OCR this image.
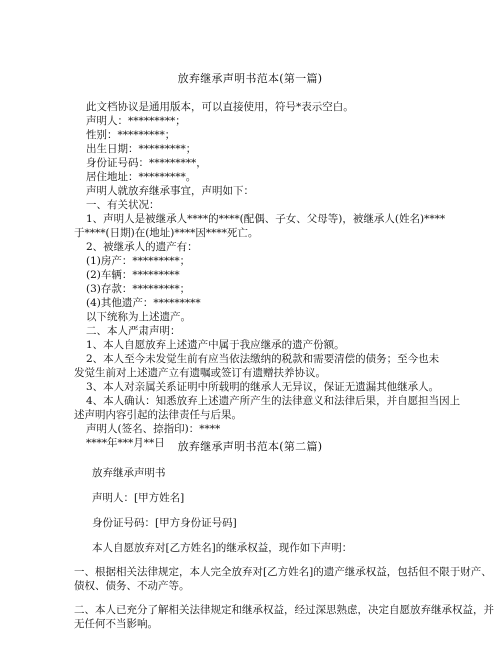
放弃继承声明书范本(第一篇)
此文档协议是通用版本，可以直接使用，符号*表示空白。
声明人：*********；
性别：*********；
出生日期：*********；
身份证号码：*********，
居住地址：*********。
声明人就放弃继承事宜，声明如下：
一、有关状况：
1、声明人是被继承人****的****(配偶、子女、父母等)，被继承人(姓名)****
于****(日期)在(地址)****因****死亡。
2、被继承人的遗产有：
(1)房产：*********；
(2)车辆：*********
(3)存款：*********；
(4)其他遗产：*********
以下统称为上述遗产。
二、本人严肃声明：
1、本人自愿放弃上述遗产中属于我应继承的遗产份额。
2、本人至今未发觉生前有应当依法缴纳的税款和需要清偿的债务；至今也未
发觉生前对上述遗产立有遗嘱或签订有遗赠扶养协议。
3、本人对亲属关系证明中所载明的继承人无异议，保证无遗漏其他继承人。
4、本人确认：知悉放弃上述遗产所产生的法律意义和法律后果，并自愿担当因上
述声明内容引起的法律责任与后果。
声明人(签名、捺指印)：****
****年***月**日	放弃继承声明书范本(第二篇)
放弃继承声明书
声明人：[甲方姓名]
身份证号码：[甲方身份证号码]
本人自愿放弃对[乙方姓名]的继承权益，现作如下声明：
一、根据相关法律规定，本人完全放弃对[乙方姓名]的遗产继承权益，包括但不限于财产、债权、债务、不动产等。
二、本人已充分了解相关法律规定和继承权益，经过深思熟虑，决定自愿放弃继承权益，并无任何不当影响。
